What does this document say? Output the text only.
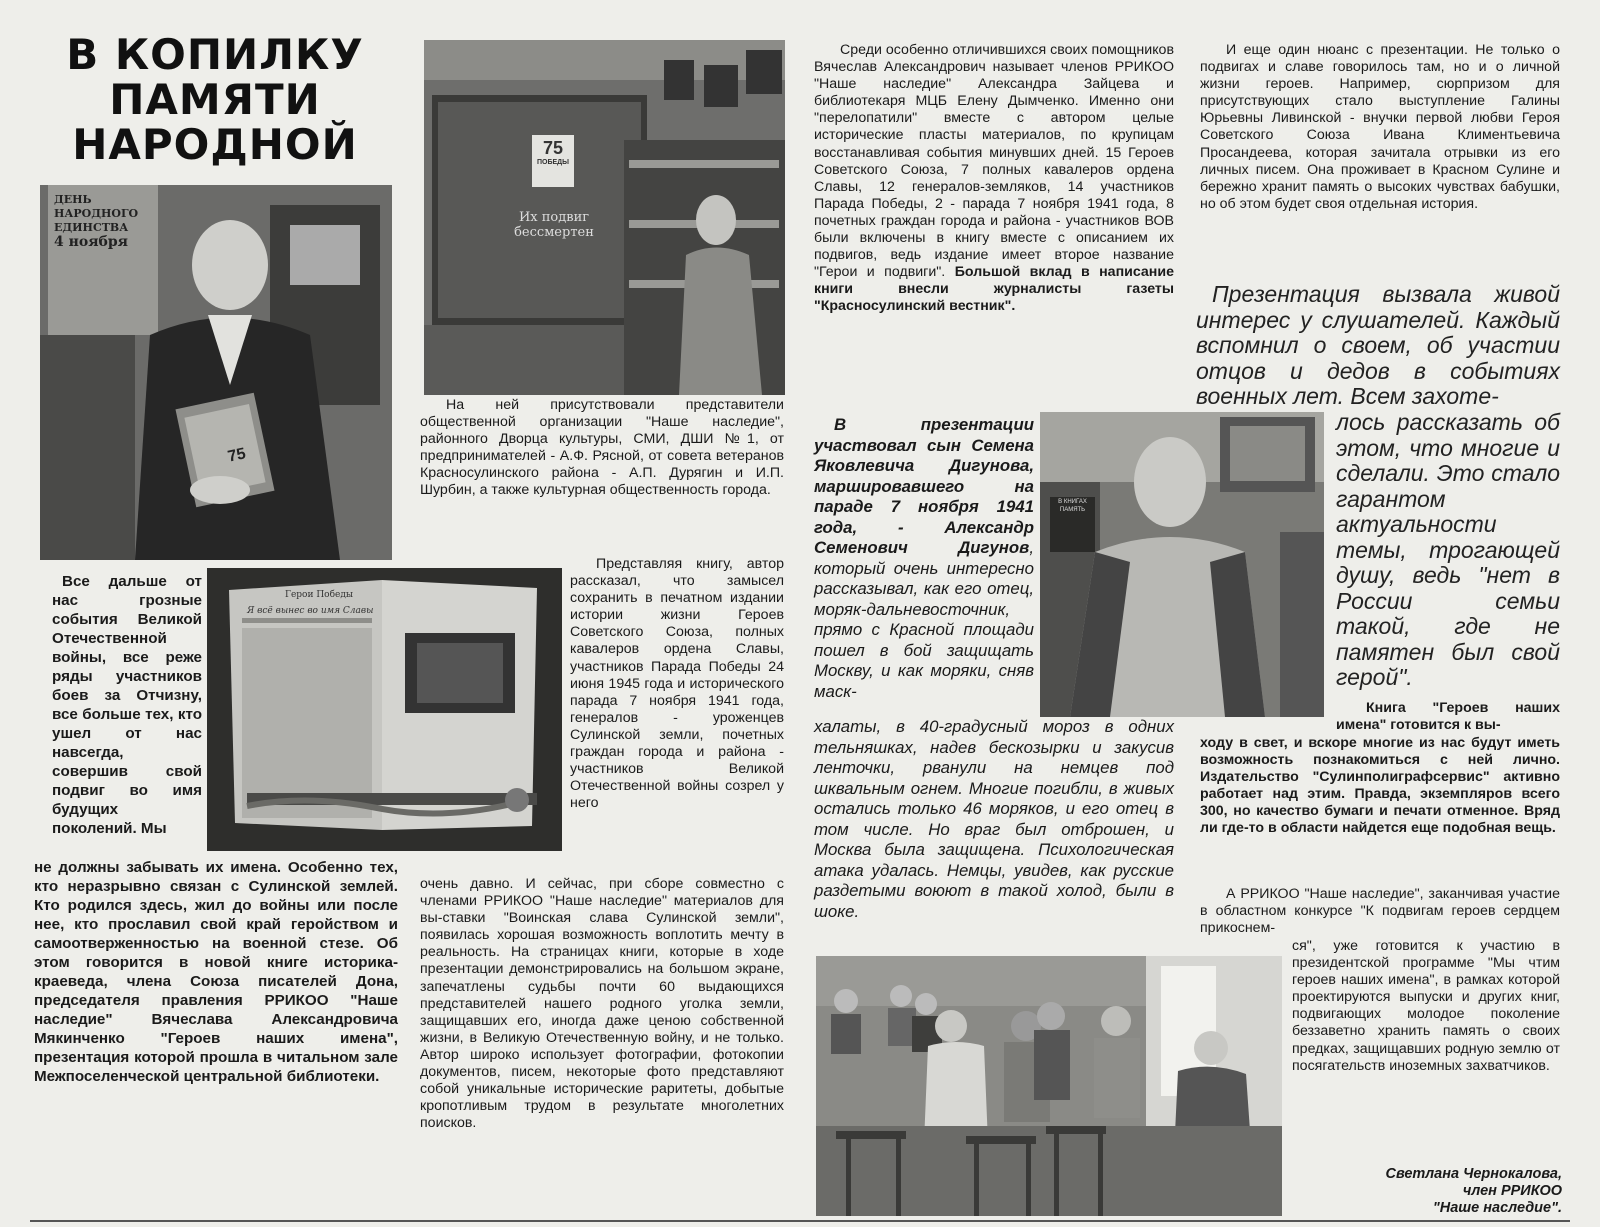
В КОПИЛКУ
ПАМЯТИ
НАРОДНОЙ
ДЕНЬ
НАРОДНОГО
ЕДИНСТВА
4 ноября
75
75
ПОБЕДЫ
Их подвиг
бессмертен
Герои Победы
Я всё вынес во имя Славы
В КНИГАХ ПАМЯТЬ

Все дальше от нас грозные события Великой Отечественной войны, все реже ряды участников боев за Отчизну, все больше тех, кто ушел от нас навсегда, совершив свой подвиг во имя будущих поколений. Мы

не должны забывать их имена. Особенно тех, кто неразрывно связан с Сулинской землей. Кто родился здесь, жил до войны или после нее, кто прославил свой край геройством и самоотверженностью на военной стезе. Об этом говорится в новой книге историка-краеведа, члена Союза писателей Дона, председателя правления РРИКОО "Наше наследие" Вячеслава Александровича Мякинченко "Героев наших имена", презентация которой прошла в читальном зале Межпоселенческой центральной библиотеки.

На ней присутствовали представители общественной организации "Наше наследие", районного Дворца культуры, СМИ, ДШИ №1, от предпринимателей - А.Ф. Рясной, от совета ветеранов Красносулинского района - А.П. Дурягин и И.П. Шурбин, а также культурная общественность города.

Представляя книгу, автор рассказал, что замысел сохранить в печатном издании истории жизни Героев Советского Союза, полных кавалеров ордена Славы, участников Парада Победы 24 июня 1945 года и исторического парада 7 ноября 1941 года, генералов - уроженцев Сулинской земли, почетных граждан города и района - участников Великой Отечественной войны созрел у него

очень давно. И сейчас, при сборе совместно с членами РРИКОО "Наше наследие" материалов для вы-ставки "Воинская слава Сулинской земли", появилась хорошая возможность воплотить мечту в реальность. На страницах книги, которые в ходе презентации демонстрировались на большом экране, запечатлены судьбы почти 60 выдающихся представителей нашего родного уголка земли, защищавших его, иногда даже ценою собственной жизни, в Великую Отечественную войну, и не только. Автор широко использует фотографии, фотокопии документов, писем, некоторые фото представляют собой уникальные исторические раритеты, добытые кропотливым трудом в результате многолетних поисков.

Среди особенно отличившихся своих помощников Вячеслав Александрович называет членов РРИКОО "Наше наследие" Александра Зайцева и библиотекаря МЦБ Елену Дымченко. Именно они "перелопатили" вместе с автором целые исторические пласты материалов, по крупицам восстанавливая события минувших дней. 15 Героев Советского Союза, 7 полных кавалеров ордена Славы, 12 генералов-земляков, 14 участников Парада Победы, 2 - парада 7 ноября 1941 года, 8 почетных граждан города и района - участников ВОВ были включены в книгу вместе с описанием их подвигов, ведь издание имеет второе название "Герои и подвиги". Большой вклад в написание книги внесли журналисты газеты "Красносулинский вестник".

В презентации участвовал сын Семена Яковлевича Дигунова, маршировавшего на параде 7 ноября 1941 года, - Александр Семенович Дигунов, который очень интересно рассказывал, как его отец, моряк-дальневосточник, прямо с Красной площади пошел в бой защищать Москву, и как моряки, сняв маск-

халаты, в 40-градусный мороз в одних тельняшках, надев бескозырки и закусив ленточки, рванули на немцев под шквальным огнем. Многие погибли, в живых остались только 46 моряков, и его отец в том числе. Но враг был отброшен, и Москва была защищена. Психологическая атака удалась. Немцы, увидев, как русские раздетыми воюют в такой холод, были в шоке.

И еще один нюанс с презентации. Не только о подвигах и славе говорилось там, но и о личной жизни героев. Например, сюрпризом для присутствующих стало выступление Галины Юрьевны Ливинской - внучки первой любви Героя Советского Союза Ивана Климентьевича Просандеева, которая зачитала отрывки из его личных писем. Она проживает в Красном Сулине и бережно хранит память о высоких чувствах бабушки, но об этом будет своя отдельная история.

Презентация вызвала живой интерес у слушателей. Каждый вспомнил о своем, об участии отцов и дедов в событиях военных лет. Всем захоте-
лось рассказать об этом, что многие и сделали. Это стало гарантом актуальности темы, трогающей душу, ведь "нет в России семьи такой, где не памятен был свой герой".

Книга "Героев наших имена" готовится к вы-

ходу в свет, и вскоре многие из нас будут иметь возможность познакомиться с ней лично. Издательство "Сулинполиграфсервис" активно работает над этим. Правда, экземпляров всего 300, но качество бумаги и печати отменное. Вряд ли где-то в области найдется еще подобная вещь.

А РРИКОО "Наше наследие", заканчивая участие в областном конкурсе "К подвигам героев сердцем прикоснем-

ся", уже готовится к участию в президентской программе "Мы чтим героев наших имена", в рамках которой проектируются выпуски и других книг, подвигающих молодое поколение беззаветно хранить память о своих предках, защищавших родную землю от посягательств иноземных захватчиков.

Светлана Чернокалова,
член РРИКОО
"Наше наследие".
